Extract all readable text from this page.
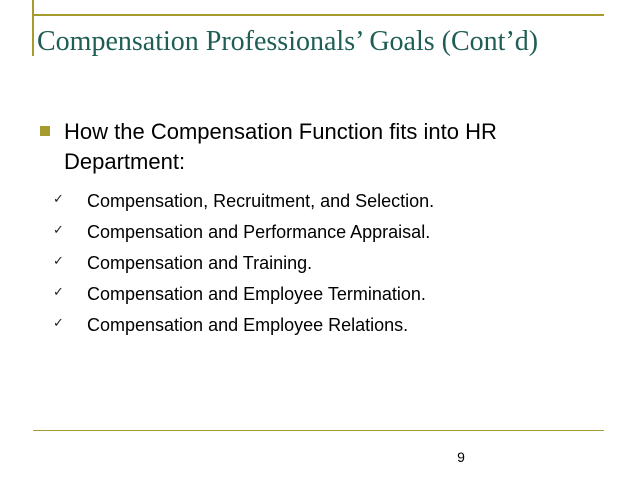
Compensation Professionals’ Goals (Cont’d)
How the Compensation Function fits into HR Department:
✓ Compensation, Recruitment, and Selection.
✓ Compensation and Performance Appraisal.
✓ Compensation and Training.
✓ Compensation and Employee Termination.
✓ Compensation and Employee Relations.
9
